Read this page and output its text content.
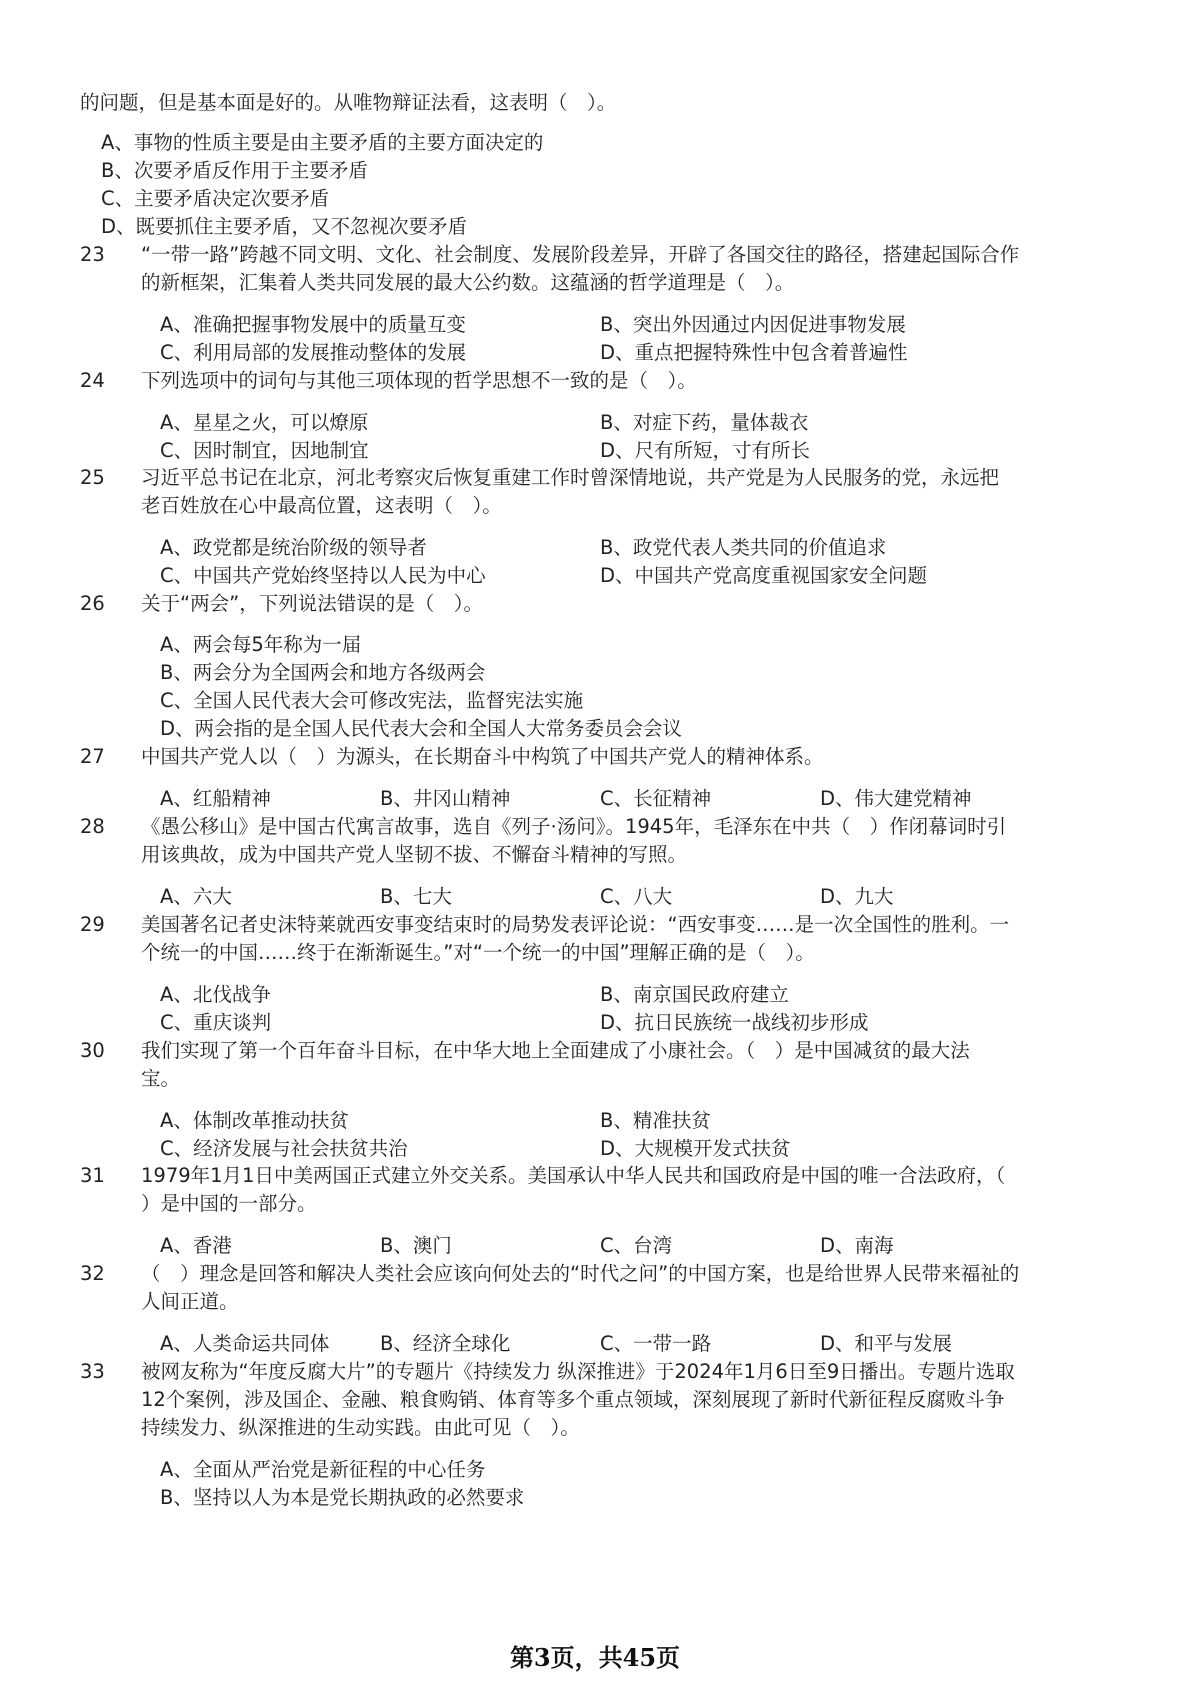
的问题，但是基本面是好的。从唯物辩证法看，这表明（　）。
A、事物的性质主要是由主要矛盾的主要方面决定的
B、次要矛盾反作用于主要矛盾
C、主要矛盾决定次要矛盾
D、既要抓住主要矛盾，又不忽视次要矛盾
23 “一带一路”跨越不同文明、文化、社会制度、发展阶段差异，开辟了各国交往的路径，搭建起国际合作
的新框架，汇集着人类共同发展的最大公约数。这蕴涵的哲学道理是（　）。
A、准确把握事物发展中的质量互变	B、突出外因通过内因促进事物发展
C、利用局部的发展推动整体的发展	D、重点把握特殊性中包含着普遍性
24 下列选项中的词句与其他三项体现的哲学思想不一致的是（　）。
A、星星之火，可以燎原	B、对症下药，量体裁衣
C、因时制宜，因地制宜	D、尺有所短，寸有所长
25 习近平总书记在北京，河北考察灾后恢复重建工作时曾深情地说，共产党是为人民服务的党，永远把
老百姓放在心中最高位置，这表明（　）。
A、政党都是统治阶级的领导者	B、政党代表人类共同的价值追求
C、中国共产党始终坚持以人民为中心	D、中国共产党高度重视国家安全问题
26 关于“两会”，下列说法错误的是（　）。
A、两会每5年称为一届
B、两会分为全国两会和地方各级两会
C、全国人民代表大会可修改宪法，监督宪法实施
D、两会指的是全国人民代表大会和全国人大常务委员会会议
27 中国共产党人以（　）为源头，在长期奋斗中构筑了中国共产党人的精神体系。
A、红船精神	B、井冈山精神	C、长征精神	D、伟大建党精神
28 《愚公移山》是中国古代寓言故事，选自《列子·汤问》。1945年，毛泽东在中共（　）作闭幕词时引
用该典故，成为中国共产党人坚韧不拔、不懈奋斗精神的写照。
A、六大	B、七大	C、八大	D、九大
29 美国著名记者史沫特莱就西安事变结束时的局势发表评论说：“西安事变……是一次全国性的胜利。一
个统一的中国……终于在渐渐诞生。”对“一个统一的中国”理解正确的是（　）。
A、北伐战争	B、南京国民政府建立
C、重庆谈判	D、抗日民族统一战线初步形成
30 我们实现了第一个百年奋斗目标，在中华大地上全面建成了小康社会。（　）是中国减贫的最大法
宝。
A、体制改革推动扶贫	B、精准扶贫
C、经济发展与社会扶贫共治	D、大规模开发式扶贫
31 1979年1月1日中美两国正式建立外交关系。美国承认中华人民共和国政府是中国的唯一合法政府，（
）是中国的一部分。
A、香港	B、澳门	C、台湾	D、南海
32 （　）理念是回答和解决人类社会应该向何处去的“时代之问”的中国方案，也是给世界人民带来福祉的
人间正道。
A、人类命运共同体	B、经济全球化	C、一带一路	D、和平与发展
33 被网友称为“年度反腐大片”的专题片《持续发力 纵深推进》于2024年1月6日至9日播出。专题片选取
12个案例，涉及国企、金融、粮食购销、体育等多个重点领域，深刻展现了新时代新征程反腐败斗争
持续发力、纵深推进的生动实践。由此可见（　）。
A、全面从严治党是新征程的中心任务
B、坚持以人为本是党长期执政的必然要求
第3页，共45页
